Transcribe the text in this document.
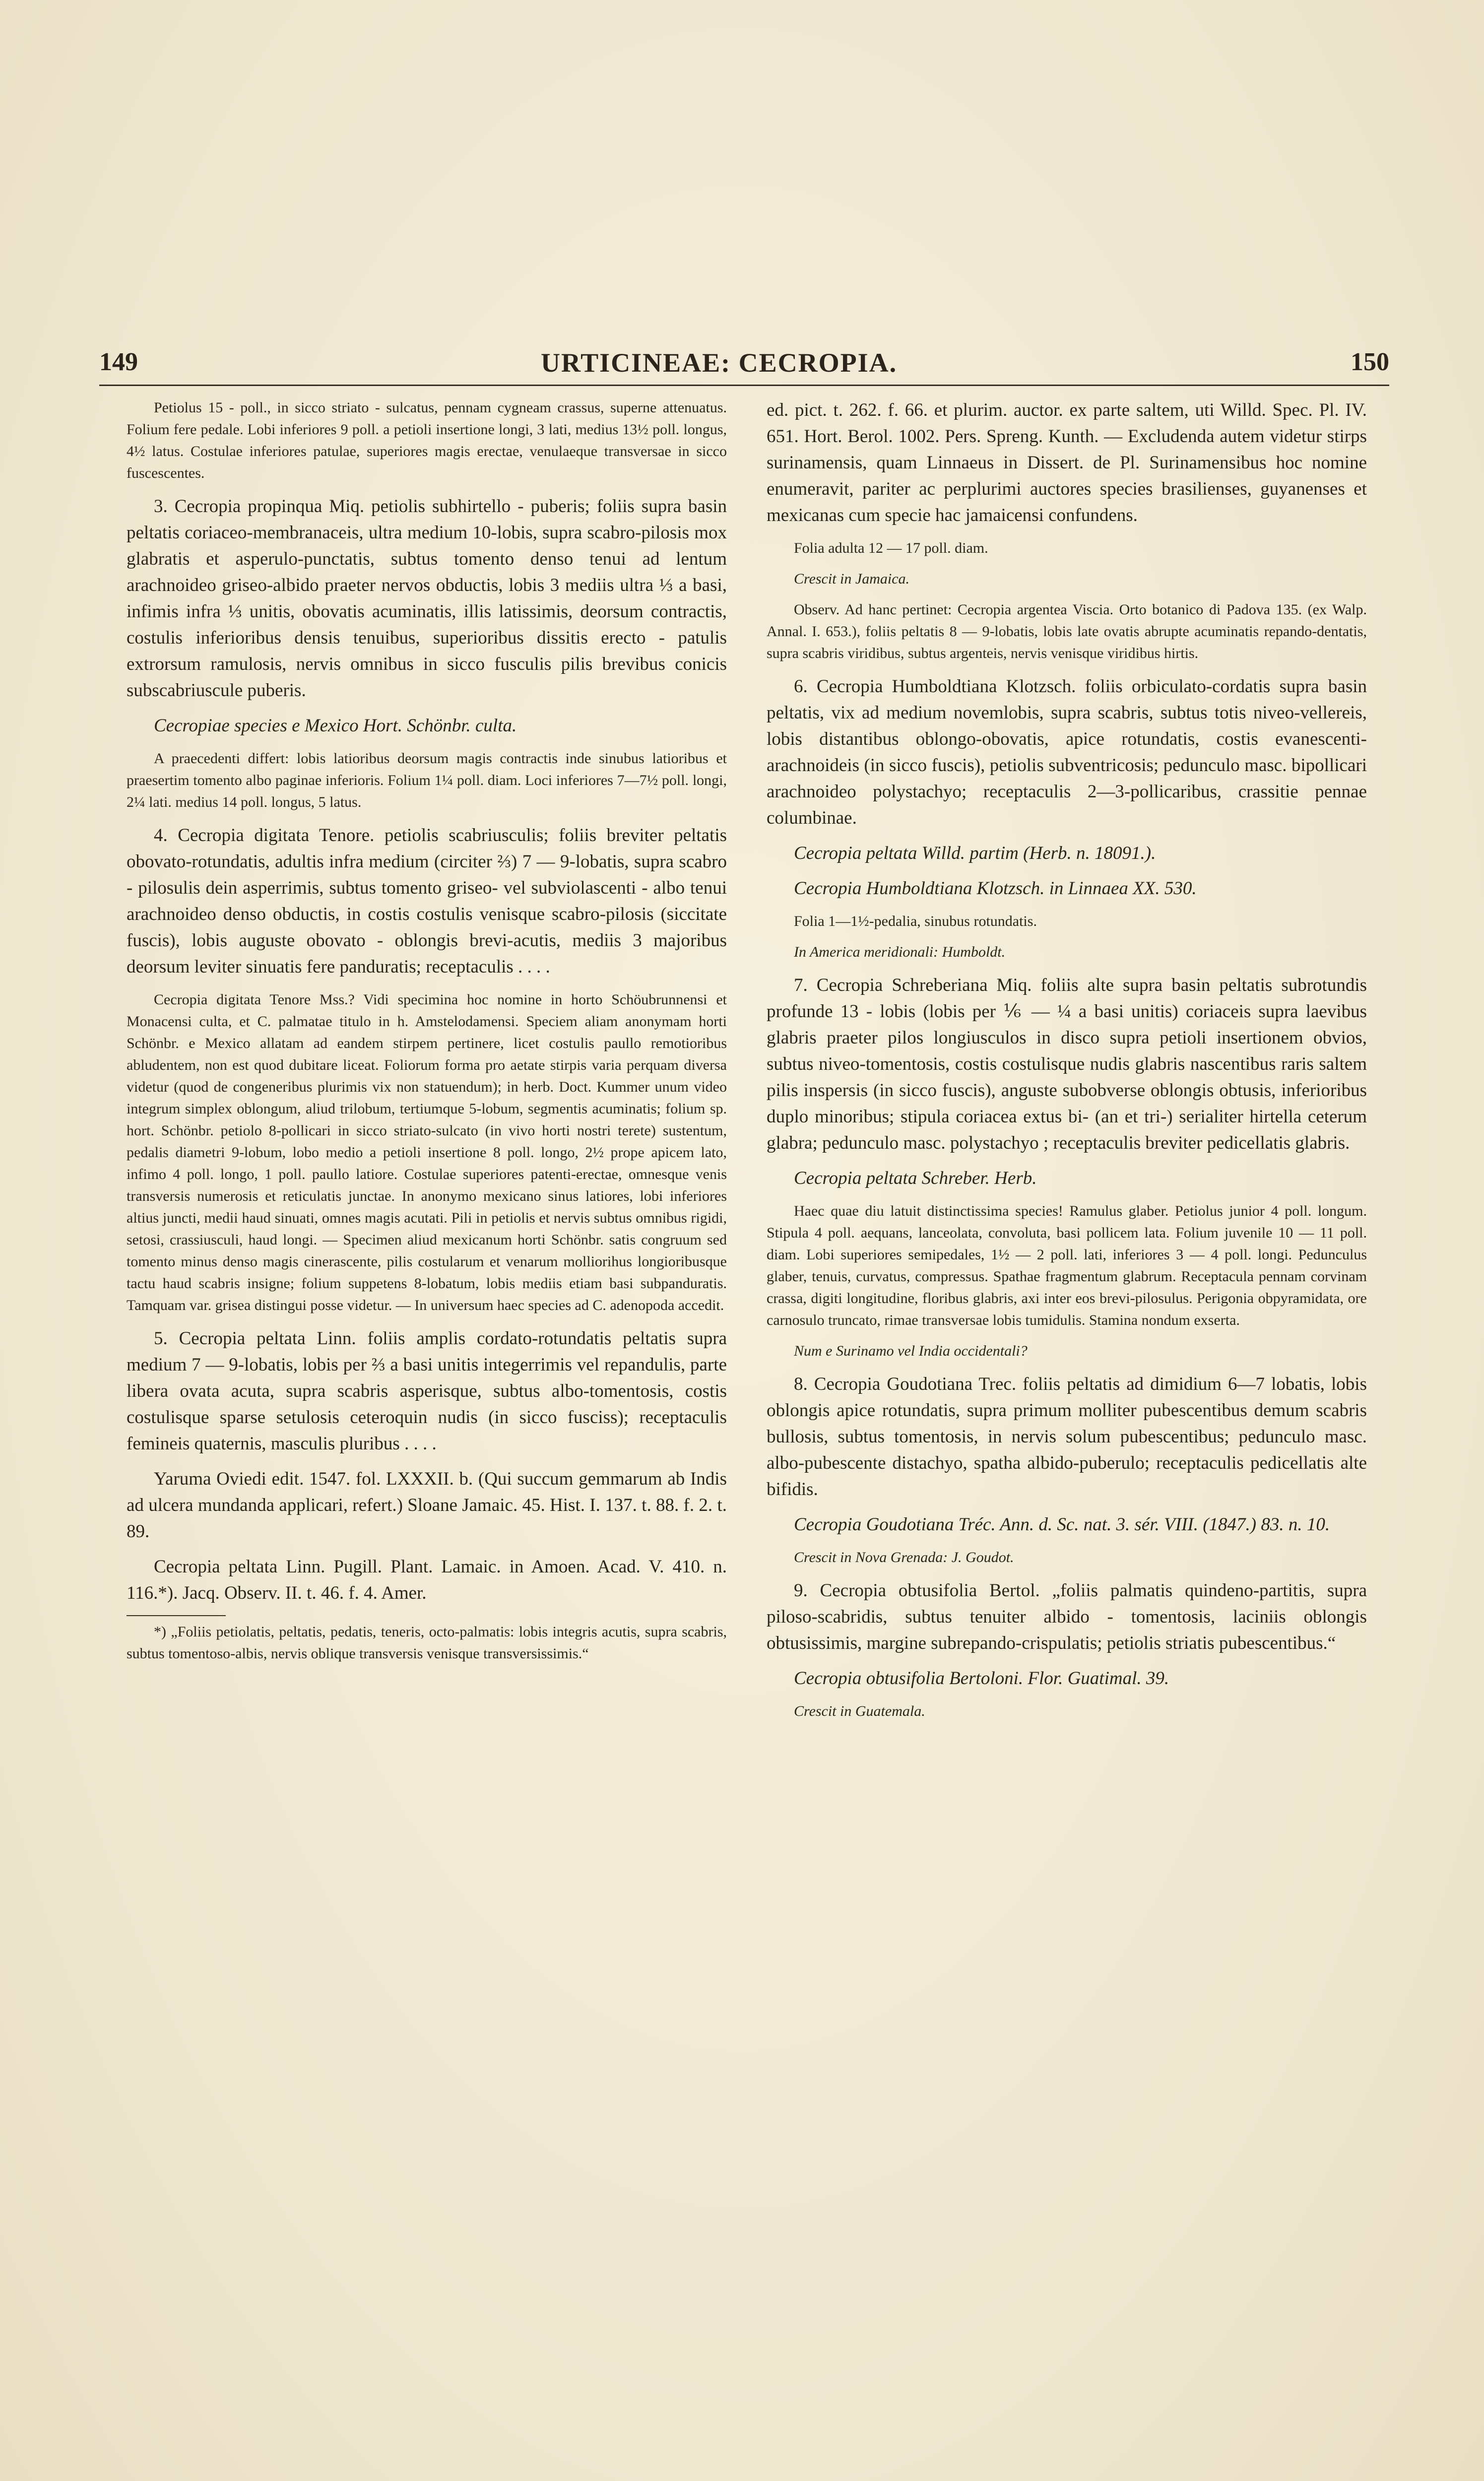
149	URTICINEAE: CECROPIA.	150

Petiolus 15 - poll., in sicco striato - sulcatus, pennam cygneam crassus, superne attenuatus. Folium fere pedale. Lobi inferiores 9 poll. a petioli insertione longi, 3 lati, medius 13½ poll. longus, 4½ latus. Costulae inferiores patulae, superiores magis erectae, venulaeque transversae in sicco fuscescentes.

3. Cecropia propinqua Miq. petiolis subhirtello - puberis; foliis supra basin peltatis coriaceo-membranaceis, ultra medium 10-lobis, supra scabro-pilosis mox glabratis et asperulo-punctatis, subtus tomento denso tenui ad lentum arachnoideo griseo-albido praeter nervos obductis, lobis 3 mediis ultra ⅓ a basi, infimis infra ⅓ unitis, obovatis acuminatis, illis latissimis, deorsum contractis, costulis inferioribus densis tenuibus, superioribus dissitis erecto - patulis extrorsum ramulosis, nervis omnibus in sicco fusculis pilis brevibus conicis subscabriuscule puberis.

Cecropiae species e Mexico Hort. Schönbr. culta.

A praecedenti differt: lobis latioribus deorsum magis contractis inde sinubus latioribus et praesertim tomento albo paginae inferioris. Folium 1¼ poll. diam. Loci inferiores 7—7½ poll. longi, 2¼ lati. medius 14 poll. longus, 5 latus.

4. Cecropia digitata Tenore. petiolis scabriusculis; foliis breviter peltatis obovato-rotundatis, adultis infra medium (circiter ⅔) 7 — 9-lobatis, supra scabro - pilosulis dein asperrimis, subtus tomento griseo- vel subviolascenti - albo tenui arachnoideo denso obductis, in costis costulis venisque scabro-pilosis (siccitate fuscis), lobis auguste obovato - oblongis brevi-acutis, mediis 3 majoribus deorsum leviter sinuatis fere panduratis; receptaculis . . . .

Cecropia digitata Tenore Mss.? Vidi specimina hoc nomine in horto Schöubrunnensi et Monacensi culta, et C. palmatae titulo in h. Amstelodamensi. Speciem aliam anonymam horti Schönbr. e Mexico allatam ad eandem stirpem pertinere, licet costulis paullo remotioribus abludentem, non est quod dubitare liceat. Foliorum forma pro aetate stirpis varia perquam diversa videtur (quod de congeneribus plurimis vix non statuendum); in herb. Doct. Kummer unum video integrum simplex oblongum, aliud trilobum, tertiumque 5-lobum, segmentis acuminatis; folium sp. hort. Schönbr. petiolo 8-pollicari in sicco striato-sulcato (in vivo horti nostri terete) sustentum, pedalis diametri 9-lobum, lobo medio a petioli insertione 8 poll. longo, 2½ prope apicem lato, infimo 4 poll. longo, 1 poll. paullo latiore. Costulae superiores patenti-erectae, omnesque venis transversis numerosis et reticulatis junctae. In anonymo mexicano sinus latiores, lobi inferiores altius juncti, medii haud sinuati, omnes magis acutati. Pili in petiolis et nervis subtus omnibus rigidi, setosi, crassiusculi, haud longi. — Specimen aliud mexicanum horti Schönbr. satis congruum sed tomento minus denso magis cinerascente, pilis costularum et venarum molliorihus longioribusque tactu haud scabris insigne; folium suppetens 8-lobatum, lobis mediis etiam basi subpanduratis. Tamquam var. grisea distingui posse videtur. — In universum haec species ad C. adenopoda accedit.

5. Cecropia peltata Linn. foliis amplis cordato-rotundatis peltatis supra medium 7 — 9-lobatis, lobis per ⅔ a basi unitis integerrimis vel repandulis, parte libera ovata acuta, supra scabris asperisque, subtus albo-tomentosis, costis costulisque sparse setulosis ceteroquin nudis (in sicco fusciss); receptaculis femineis quaternis, masculis pluribus . . . .

Yaruma Oviedi edit. 1547. fol. LXXXII. b. (Qui succum gemmarum ab Indis ad ulcera mundanda applicari, refert.) Sloane Jamaic. 45. Hist. I. 137. t. 88. f. 2. t. 89.

Cecropia peltata Linn. Pugill. Plant. Lamaic. in Amoen. Acad. V. 410. n. 116.*). Jacq. Observ. II. t. 46. f. 4. Amer.

*) „Foliis petiolatis, peltatis, pedatis, teneris, octo-palmatis: lobis integris acutis, supra scabris, subtus tomentoso-albis, nervis oblique transversis venisque transversissimis.“

ed. pict. t. 262. f. 66. et plurim. auctor. ex parte saltem, uti Willd. Spec. Pl. IV. 651. Hort. Berol. 1002. Pers. Spreng. Kunth. — Excludenda autem videtur stirps surinamensis, quam Linnaeus in Dissert. de Pl. Surinamensibus hoc nomine enumeravit, pariter ac perplurimi auctores species brasilienses, guyanenses et mexicanas cum specie hac jamaicensi confundens.

Folia adulta 12 — 17 poll. diam.

Crescit in Jamaica.

Observ. Ad hanc pertinet: Cecropia argentea Viscia. Orto botanico di Padova 135. (ex Walp. Annal. I. 653.), foliis peltatis 8 — 9-lobatis, lobis late ovatis abrupte acuminatis repando-dentatis, supra scabris viridibus, subtus argenteis, nervis venisque viridibus hirtis.

6. Cecropia Humboldtiana Klotzsch. foliis orbiculato-cordatis supra basin peltatis, vix ad medium novemlobis, supra scabris, subtus totis niveo-vellereis, lobis distantibus oblongo-obovatis, apice rotundatis, costis evanescenti-arachnoideis (in sicco fuscis), petiolis subventricosis; pedunculo masc. bipollicari arachnoideo polystachyo; receptaculis 2—3-pollicaribus, crassitie pennae columbinae.

Cecropia peltata Willd. partim (Herb. n. 18091.).

Cecropia Humboldtiana Klotzsch. in Linnaea XX. 530.

Folia 1—1½-pedalia, sinubus rotundatis.

In America meridionali: Humboldt.

7. Cecropia Schreberiana Miq. foliis alte supra basin peltatis subrotundis profunde 13 - lobis (lobis per ⅙ — ¼ a basi unitis) coriaceis supra laevibus glabris praeter pilos longiusculos in disco supra petioli insertionem obvios, subtus niveo-tomentosis, costis costulisque nudis glabris nascentibus raris saltem pilis inspersis (in sicco fuscis), anguste subobverse oblongis obtusis, inferioribus duplo minoribus; stipula coriacea extus bi- (an et tri-) serialiter hirtella ceterum glabra; pedunculo masc. polystachyo ; receptaculis breviter pedicellatis glabris.

Cecropia peltata Schreber. Herb.

Haec quae diu latuit distinctissima species! Ramulus glaber. Petiolus junior 4 poll. longum. Stipula 4 poll. aequans, lanceolata, convoluta, basi pollicem lata. Folium juvenile 10 — 11 poll. diam. Lobi superiores semipedales, 1½ — 2 poll. lati, inferiores 3 — 4 poll. longi. Pedunculus glaber, tenuis, curvatus, compressus. Spathae fragmentum glabrum. Receptacula pennam corvinam crassa, digiti longitudine, floribus glabris, axi inter eos brevi-pilosulus. Perigonia obpyramidata, ore carnosulo truncato, rimae transversae lobis tumidulis. Stamina nondum exserta.

Num e Surinamo vel India occidentali?

8. Cecropia Goudotiana Trec. foliis peltatis ad dimidium 6—7 lobatis, lobis oblongis apice rotundatis, supra primum molliter pubescentibus demum scabris bullosis, subtus tomentosis, in nervis solum pubescentibus; pedunculo masc. albo-pubescente distachyo, spatha albido-puberulo; receptaculis pedicellatis alte bifidis.

Cecropia Goudotiana Tréc. Ann. d. Sc. nat. 3. sér. VIII. (1847.) 83. n. 10.

Crescit in Nova Grenada: J. Goudot.

9. Cecropia obtusifolia Bertol. „foliis palmatis quindeno-partitis, supra piloso-scabridis, subtus tenuiter albido - tomentosis, laciniis oblongis obtusissimis, margine subrepando-crispulatis; petiolis striatis pubescentibus.“

Cecropia obtusifolia Bertoloni. Flor. Guatimal. 39.

Crescit in Guatemala.
